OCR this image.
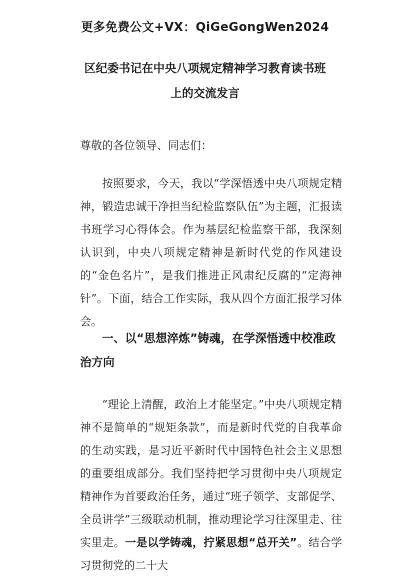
更多免费公文+VX：QiGeGongWen2024
区纪委书记在中央八项规定精神学习教育读书班上的交流发言

尊敬的各位领导、同志们：

按照要求，今天，我以“学深悟透中央八项规定精神，锻造忠诚干净担当纪检监察队伍”为主题，汇报读书班学习心得体会。作为基层纪检监察干部，我深刻认识到，中央八项规定精神是新时代党的作风建设的“金色名片”，是我们推进正风肃纪反腐的“定海神针”。下面，结合工作实际，我从四个方面汇报学习体会。

一、以“思想淬炼”铸魂，在学深悟透中校准政治方向

“理论上清醒，政治上才能坚定。”中央八项规定精神不是简单的“规矩条款”，而是新时代党的自我革命的生动实践，是习近平新时代中国特色社会主义思想的重要组成部分。我们坚持把学习贯彻中央八项规定精神作为首要政治任务，通过“班子领学、支部促学、全员讲学”三级联动机制，推动理论学习往深里走、往实里走。一是以学铸魂，拧紧思想“总开关”。结合学习贯彻党的二十大
